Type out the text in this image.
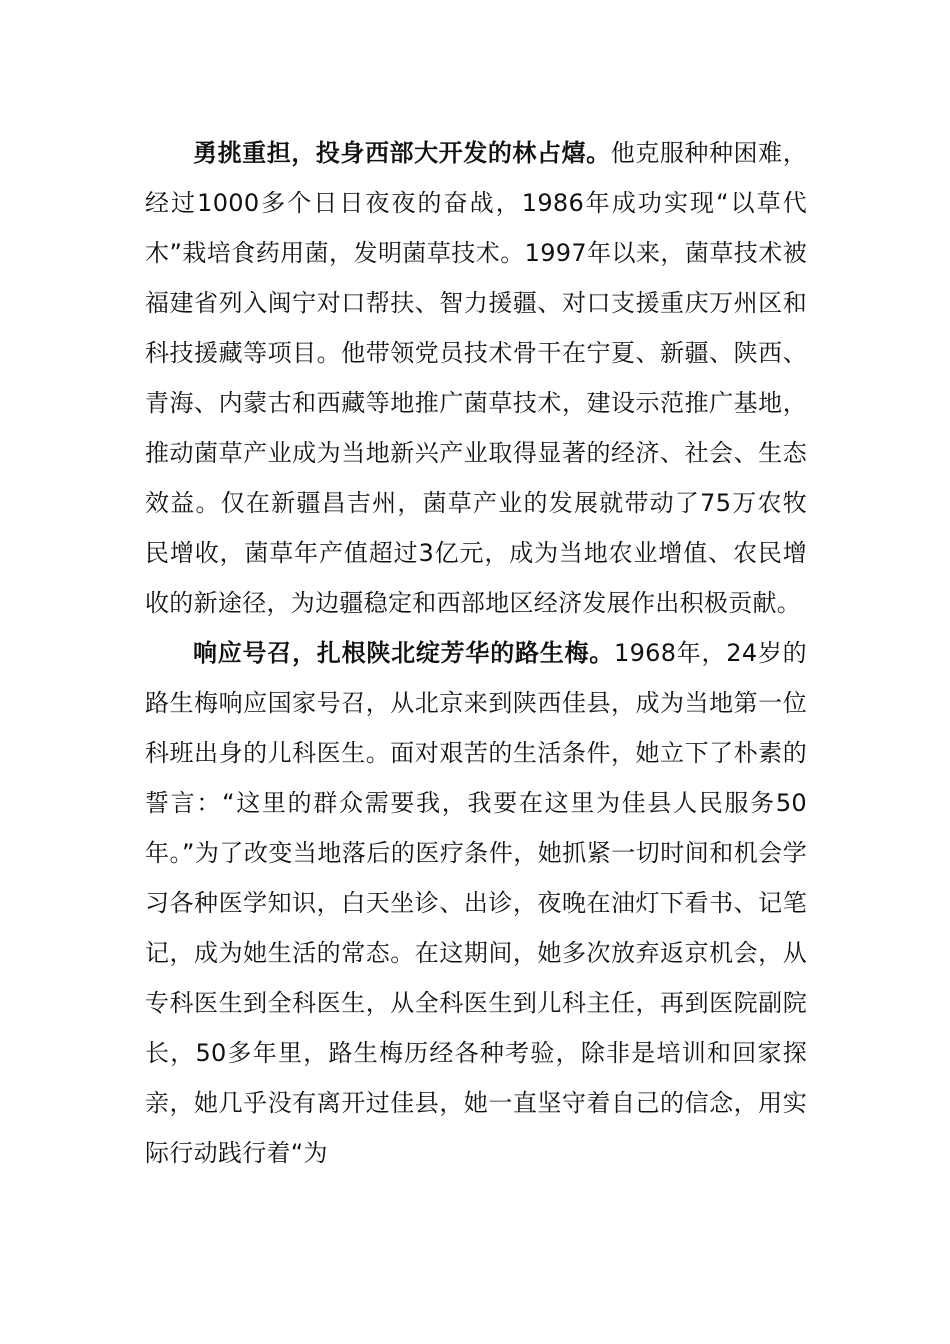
勇挑重担，投身西部大开发的林占熺。他克服种种困难，经过1000多个日日夜夜的奋战，1986年成功实现“以草代木”栽培食药用菌，发明菌草技术。1997年以来，菌草技术被福建省列入闽宁对口帮扶、智力援疆、对口支援重庆万州区和科技援藏等项目。他带领党员技术骨干在宁夏、新疆、陕西、青海、内蒙古和西藏等地推广菌草技术，建设示范推广基地，推动菌草产业成为当地新兴产业取得显著的经济、社会、生态效益。仅在新疆昌吉州，菌草产业的发展就带动了75万农牧民增收，菌草年产值超过3亿元，成为当地农业增值、农民增收的新途径，为边疆稳定和西部地区经济发展作出积极贡献。

响应号召，扎根陕北绽芳华的路生梅。1968年，24岁的路生梅响应国家号召，从北京来到陕西佳县，成为当地第一位科班出身的儿科医生。面对艰苦的生活条件，她立下了朴素的誓言：“这里的群众需要我，我要在这里为佳县人民服务50年。”为了改变当地落后的医疗条件，她抓紧一切时间和机会学习各种医学知识，白天坐诊、出诊，夜晚在油灯下看书、记笔记，成为她生活的常态。在这期间，她多次放弃返京机会，从专科医生到全科医生，从全科医生到儿科主任，再到医院副院长，50多年里，路生梅历经各种考验，除非是培训和回家探亲，她几乎没有离开过佳县，她一直坚守着自己的信念，用实际行动践行着“为
